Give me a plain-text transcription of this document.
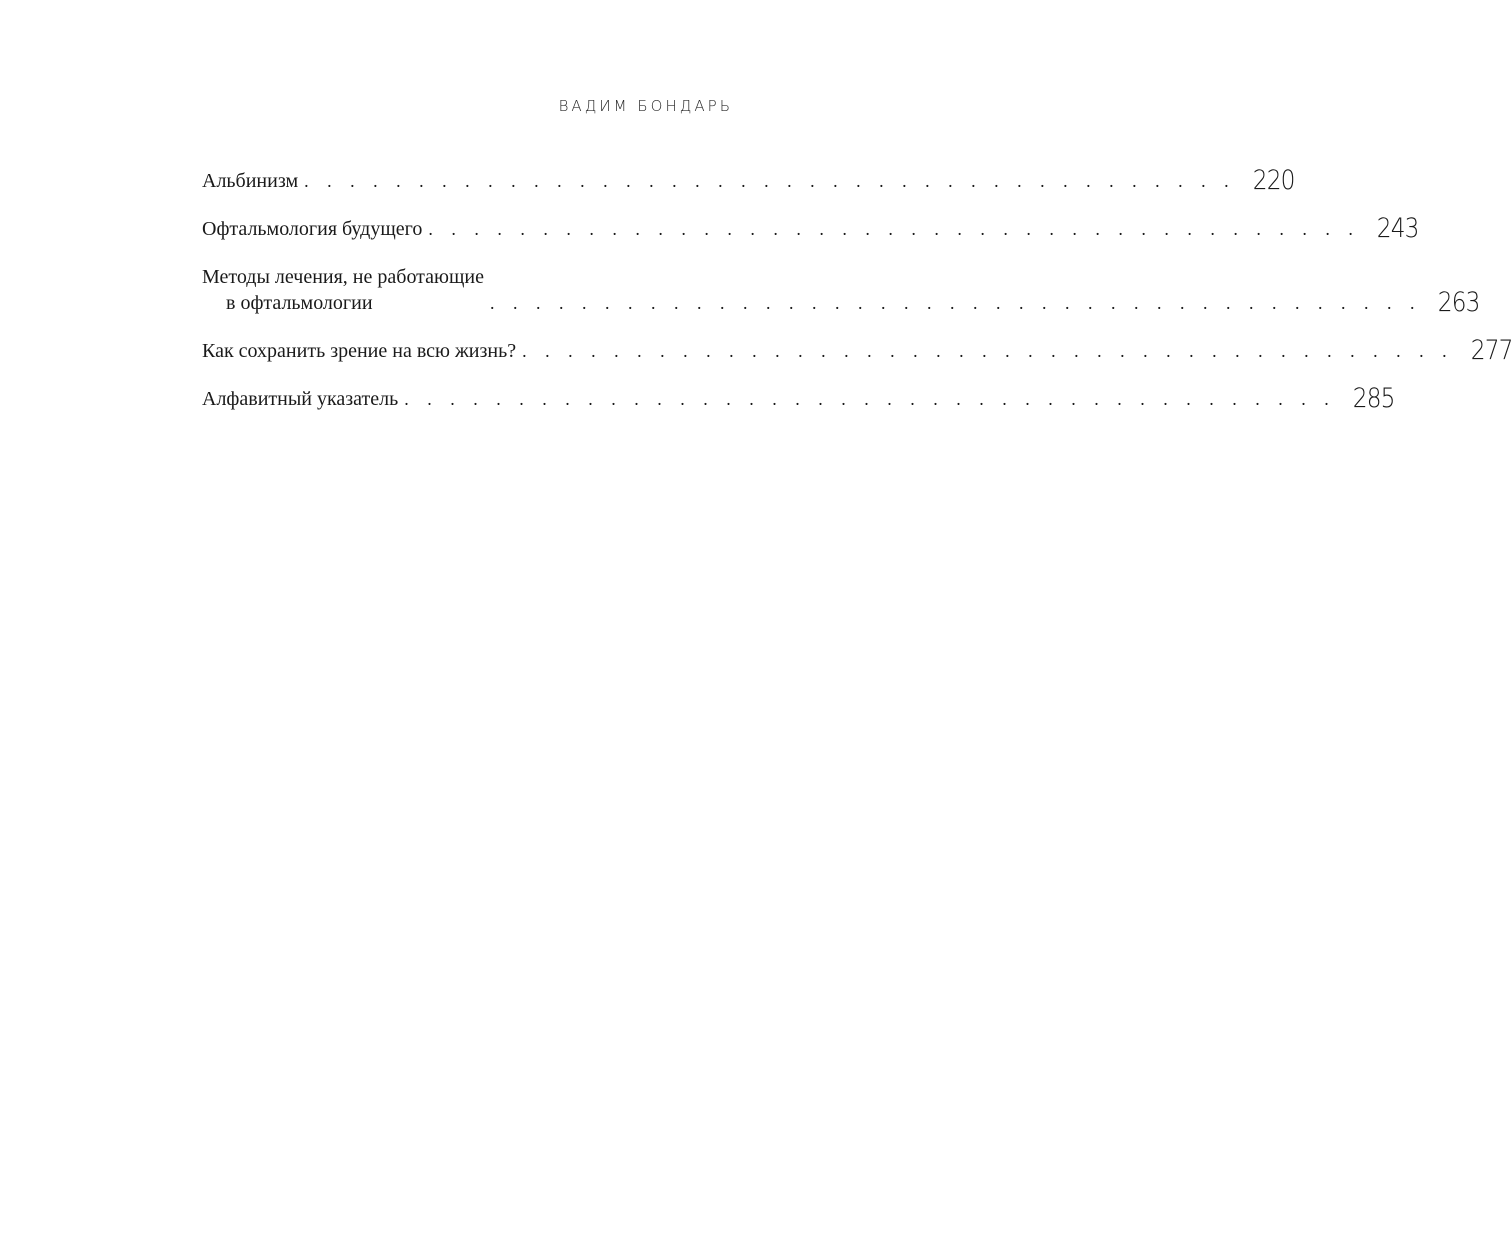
ВАДИМ БОНДАРЬ
Альбинизм . . . . . . . . . . . . . . . . . . . . . . . . . . . . . . . . . . . . . . . . . 220
Офтальмология будущего . . . . . . . . . . . . . . . . . . . . . . . . . . . . . . . . . . . . . . . . . 243
Методы лечения, не работающие
в офтальмологии	. . . . . . . . . . . . . . . . . . . . . . . . . . . . . . . . . . . . . . . . . 263
Как сохранить зрение на всю жизнь? . . . . . . . . . . . . . . . . . . . . . . . . . . . . . . . . . . . . . . . . . 277
Алфавитный указатель . . . . . . . . . . . . . . . . . . . . . . . . . . . . . . . . . . . . . . . . . 285
